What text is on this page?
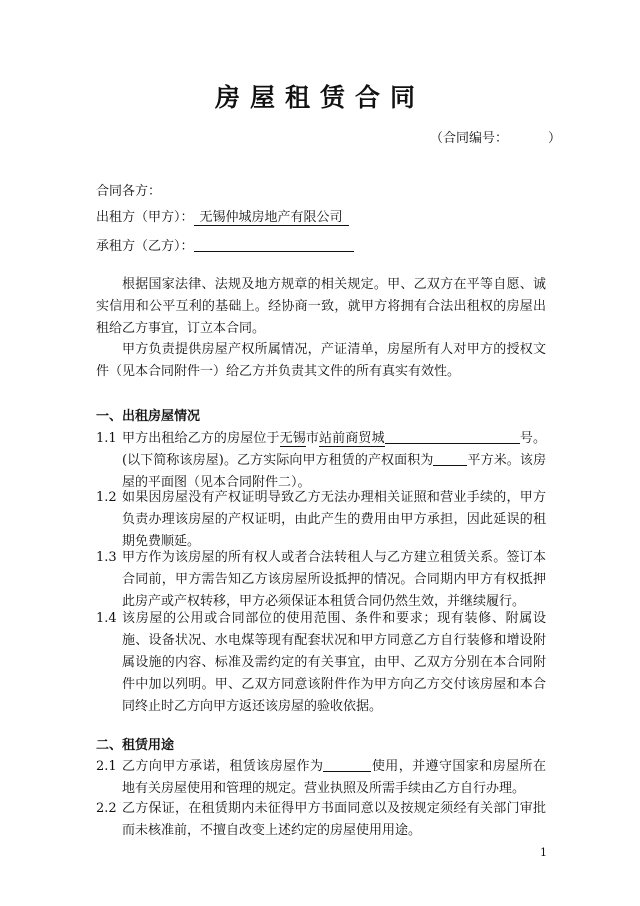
房屋租赁合同
（合同编号：	）
合同各方：
出租方（甲方）： 无锡仲城房地产有限公司
承租方（乙方）：
根据国家法律、法规及地方规章的相关规定。甲、乙双方在平等自愿、诚实信用和公平互利的基础上。经协商一致，就甲方将拥有合法出租权的房屋出租给乙方事宜，订立本合同。
甲方负责提供房屋产权所属情况，产证清单，房屋所有人对甲方的授权文件（见本合同附件一）给乙方并负责其文件的所有真实有效性。
一、出租房屋情况
1.1 甲方出租给乙方的房屋位于无锡市站前商贸城	号。(以下简称该房屋)。乙方实际向甲方租赁的产权面积为	平方米。该房屋的平面图（见本合同附件二）。
1.2 如果因房屋没有产权证明导致乙方无法办理相关证照和营业手续的，甲方负责办理该房屋的产权证明，由此产生的费用由甲方承担，因此延误的租期免费顺延。
1.3 甲方作为该房屋的所有权人或者合法转租人与乙方建立租赁关系。签订本合同前，甲方需告知乙方该房屋所设抵押的情况。合同期内甲方有权抵押此房产或产权转移，甲方必须保证本租赁合同仍然生效，并继续履行。
1.4 该房屋的公用或合同部位的使用范围、条件和要求；现有装修、附属设施、设备状况、水电煤等现有配套状况和甲方同意乙方自行装修和增设附属设施的内容、标准及需约定的有关事宜，由甲、乙双方分别在本合同附件中加以列明。甲、乙双方同意该附件作为甲方向乙方交付该房屋和本合同终止时乙方向甲方返还该房屋的验收依据。
二、租赁用途
2.1 乙方向甲方承诺，租赁该房屋作为	使用，并遵守国家和房屋所在地有关房屋使用和管理的规定。营业执照及所需手续由乙方自行办理。
2.2 乙方保证，在租赁期内未征得甲方书面同意以及按规定须经有关部门审批而未核准前，不擅自改变上述约定的房屋使用用途。
1
